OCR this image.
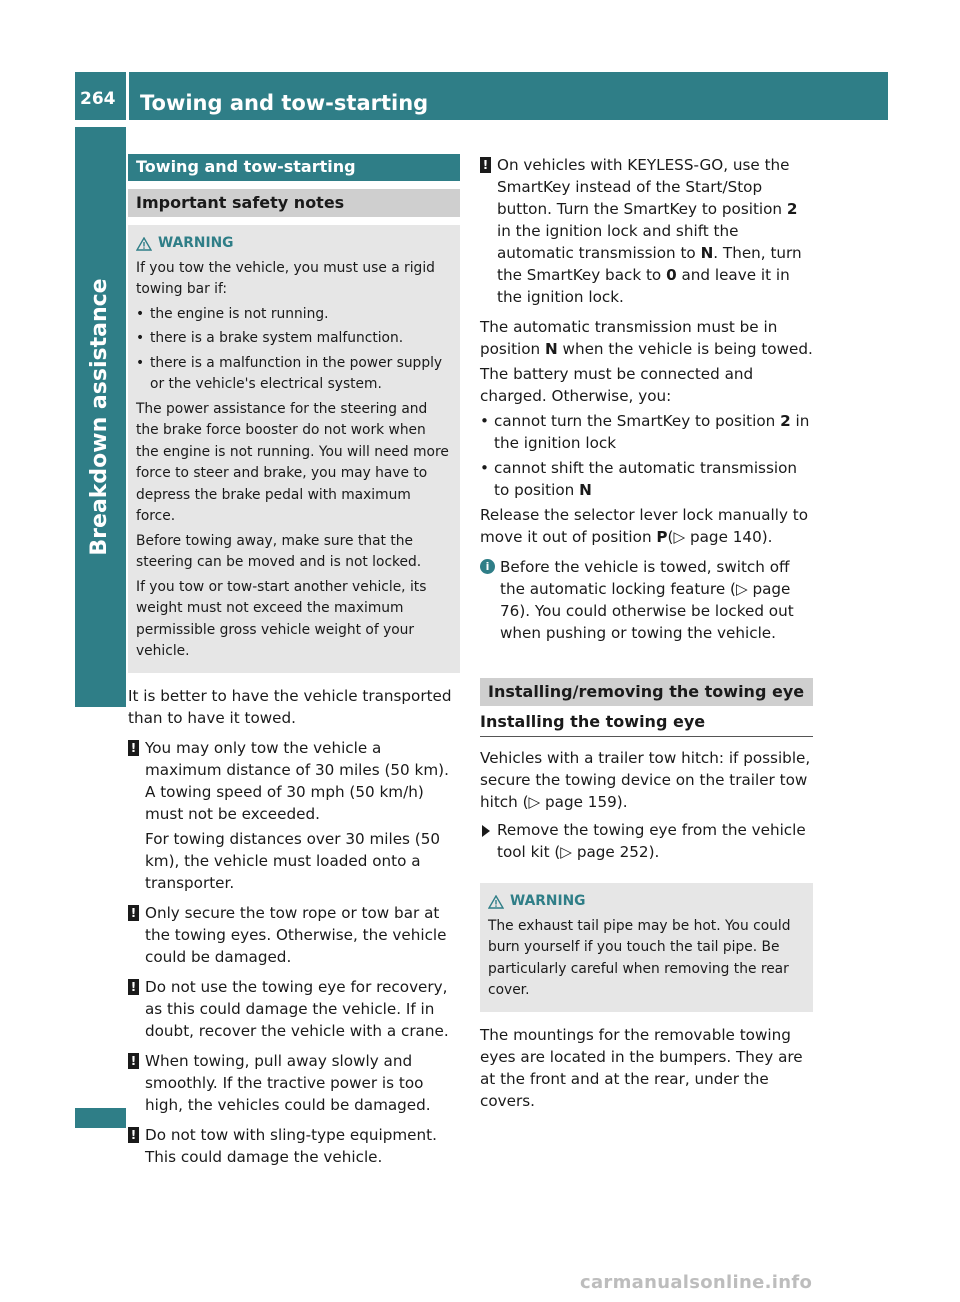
264	Towing and tow-starting
Breakdown assistance
Towing and tow-starting
Important safety notes
WARNING

If you tow the vehicle, you must use a rigid towing bar if:

• the engine is not running.
• there is a brake system malfunction.
• there is a malfunction in the power supply or the vehicle's electrical system.

The power assistance for the steering and the brake force booster do not work when the engine is not running. You will need more force to steer and brake, you may have to depress the brake pedal with maximum force.

Before towing away, make sure that the steering can be moved and is not locked.

If you tow or tow-start another vehicle, its weight must not exceed the maximum permissible gross vehicle weight of your vehicle.

It is better to have the vehicle transported than to have it towed.

! You may only tow the vehicle a maximum distance of 30 miles (50 km). A towing speed of 30 mph (50 km/h) must not be exceeded.

For towing distances over 30 miles (50 km), the vehicle must loaded onto a transporter.

! Only secure the tow rope or tow bar at the towing eyes. Otherwise, the vehicle could be damaged.

! Do not use the towing eye for recovery, as this could damage the vehicle. If in doubt, recover the vehicle with a crane.

! When towing, pull away slowly and smoothly. If the tractive power is too high, the vehicles could be damaged.

! Do not tow with sling-type equipment. This could damage the vehicle.

! On vehicles with KEYLESS-GO, use the SmartKey instead of the Start/Stop button. Turn the SmartKey to position 2 in the ignition lock and shift the automatic transmission to N. Then, turn the SmartKey back to 0 and leave it in the ignition lock.

The automatic transmission must be in position N when the vehicle is being towed.

The battery must be connected and charged. Otherwise, you:

• cannot turn the SmartKey to position 2 in the ignition lock
• cannot shift the automatic transmission to position N

Release the selector lever lock manually to move it out of position P(▷ page 140).

i Before the vehicle is towed, switch off the automatic locking feature (▷ page 76). You could otherwise be locked out when pushing or towing the vehicle.

Installing/removing the towing eye
Installing the towing eye

Vehicles with a trailer tow hitch: if possible, secure the towing device on the trailer tow hitch (▷ page 159).

Remove the towing eye from the vehicle tool kit (▷ page 252).
WARNING

The exhaust tail pipe may be hot. You could burn yourself if you touch the tail pipe. Be particularly careful when removing the rear cover.

The mountings for the removable towing eyes are located in the bumpers. They are at the front and at the rear, under the covers.

carmanualsonline.info
